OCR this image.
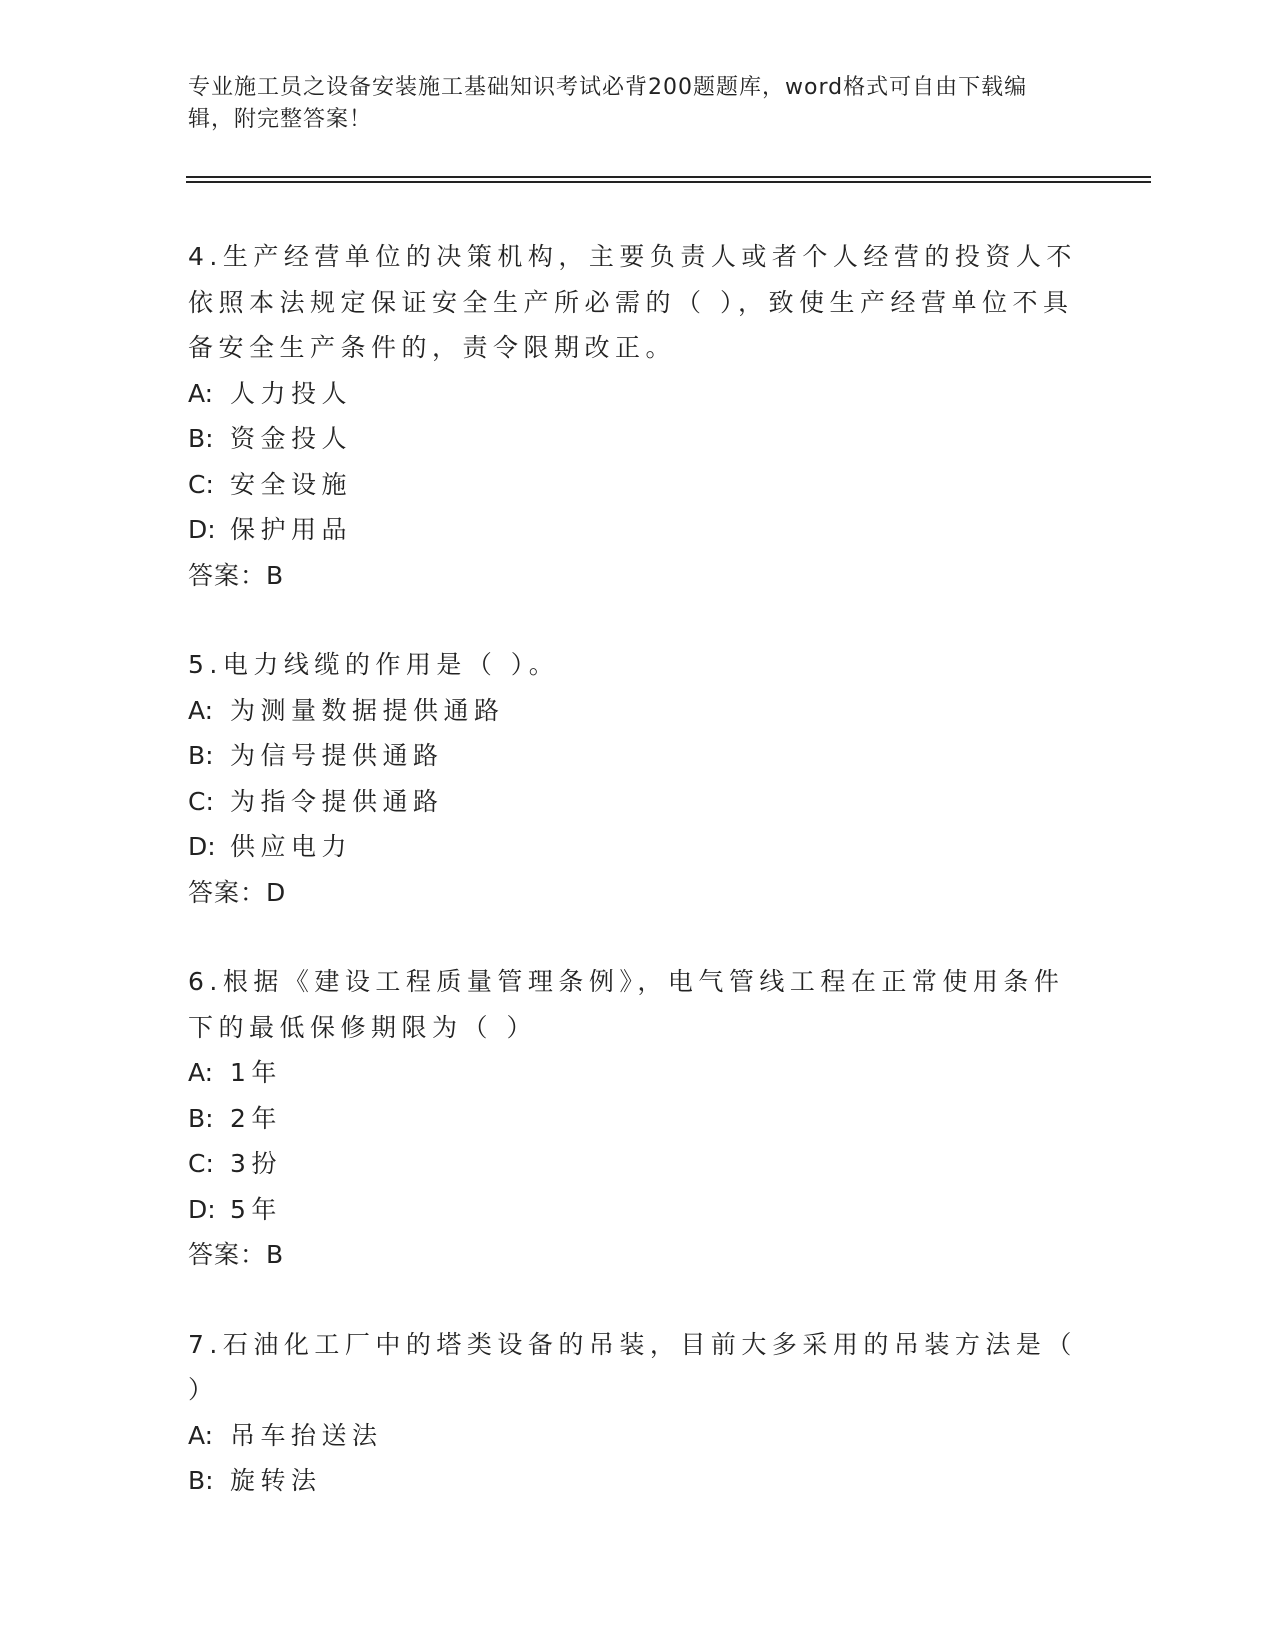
专业施工员之设备安装施工基础知识考试必背200题题库，word格式可自由下载编辑，附完整答案！
4.生产经营单位的决策机构，主要负责人或者个人经营的投资人不依照本法规定保证安全生产所必需的（ ），致使生产经营单位不具备安全生产条件的，责令限期改正。
A: 人力投人
B: 资金投人
C: 安全设施
D: 保护用品
答案：B
5.电力线缆的作用是（ ）。
A: 为测量数据提供通路
B: 为信号提供通路
C: 为指令提供通路
D: 供应电力
答案：D
6.根据《建设工程质量管理条例》，电气管线工程在正常使用条件下的最低保修期限为（ ）
A: 1年
B: 2年
C: 3扮
D: 5年
答案：B
7.石油化工厂中的塔类设备的吊装，目前大多采用的吊装方法是（ ）
A: 吊车抬送法
B: 旋转法
